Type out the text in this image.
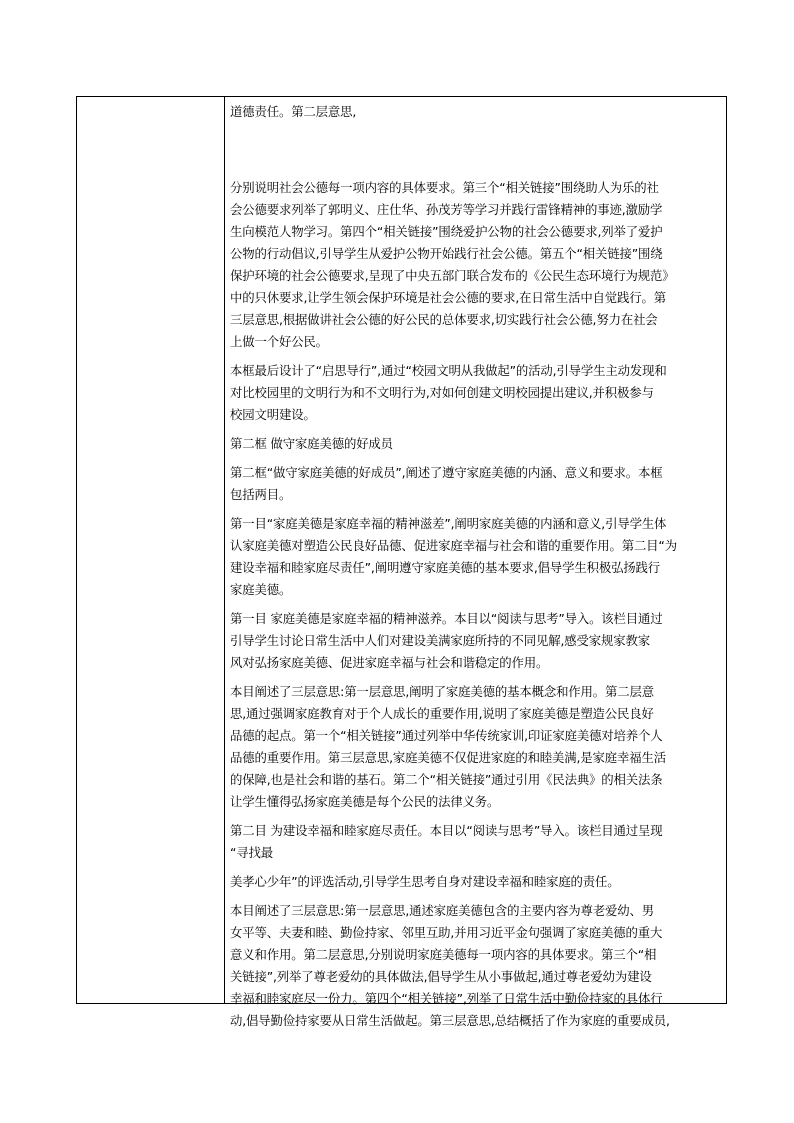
道德责任。第二层意思,

分别说明社会公德每一项内容的具体要求。第三个“相关链接”围绕助人为乐的社

会公德要求列举了郭明义、庄仕华、孙茂芳等学习并践行雷锋精神的事迹,激励学

生向模范人物学习。第四个“相关链接”围绕爱护公物的社会公德要求,列举了爱护

公物的行动倡议,引导学生从爱护公物开始践行社会公德。第五个“相关链接”围绕

保护环境的社会公德要求,呈现了中央五部门联合发布的《公民生态环境行为规范》

中的只休要求,让学生领会保护环境是社会公德的要求,在日常生活中自觉践行。第

三层意思,根据做讲社会公德的好公民的总体要求,切实践行社会公德,努力在社会

上做一个好公民。

本框最后设计了“启思导行”,通过“校园文明从我做起”的活动,引导学生主动发现和

对比校园里的文明行为和不文明行为,对如何创建文明校园提出建议,并积极参与

校园文明建设。

第二框 做守家庭美德的好成员

第二框“做守家庭美德的好成员”,阐述了遵守家庭美德的内涵、意义和要求。本框

包括两目。

第一目“家庭美德是家庭幸福的精神滋差”,阐明家庭美德的内涵和意义,引导学生体

认家庭美德对塑造公民良好品德、促进家庭幸福与社会和谐的重要作用。第二目“为

建设幸福和睦家庭尽责任”,阐明遵守家庭美德的基本要求,倡导学生积极弘扬践行

家庭美德。

第一目 家庭美德是家庭幸福的精神滋养。本目以“阅读与思考”导入。该栏目通过

引导学生讨论日常生活中人们对建设美满家庭所持的不同见解,感受家规家教家

风对弘扬家庭美德、促进家庭幸福与社会和谐稳定的作用。

本目阐述了三层意思:第一层意思,阐明了家庭美德的基本概念和作用。第二层意

思,通过强调家庭教育对于个人成长的重要作用,说明了家庭美德是塑造公民良好

品德的起点。第一个“相关链接”通过列举中华传统家训,印证家庭美德对培养个人

品德的重要作用。第三层意思,家庭美德不仅促进家庭的和睦美满,是家庭幸福生活

的保障,也是社会和谐的基石。第二个“相关链接”通过引用《民法典》的相关法条

让学生懂得弘扬家庭美德是每个公民的法律义务。

第二目 为建设幸福和睦家庭尽责任。本目以“阅读与思考”导入。该栏目通过呈现

“寻找最

美孝心少年”的评选活动,引导学生思考自身对建设幸福和睦家庭的责任。

本目阐述了三层意思:第一层意思,通述家庭美德包含的主要内容为尊老爱幼、男

女平等、夫妻和睦、勤俭持家、邻里互助,并用习近平金句强调了家庭美德的重大

意义和作用。第二层意思,分别说明家庭美德每一项内容的具体要求。第三个“相

关链接”,列举了尊老爱幼的具体做法,倡导学生从小事做起,通过尊老爱幼为建设

幸福和睦家庭尽一份力。第四个“相关链接”,列举了日常生活中勤俭持家的具体行

动,倡导勤俭持家要从日常生活做起。第三层意思,总结概括了作为家庭的重要成员,
